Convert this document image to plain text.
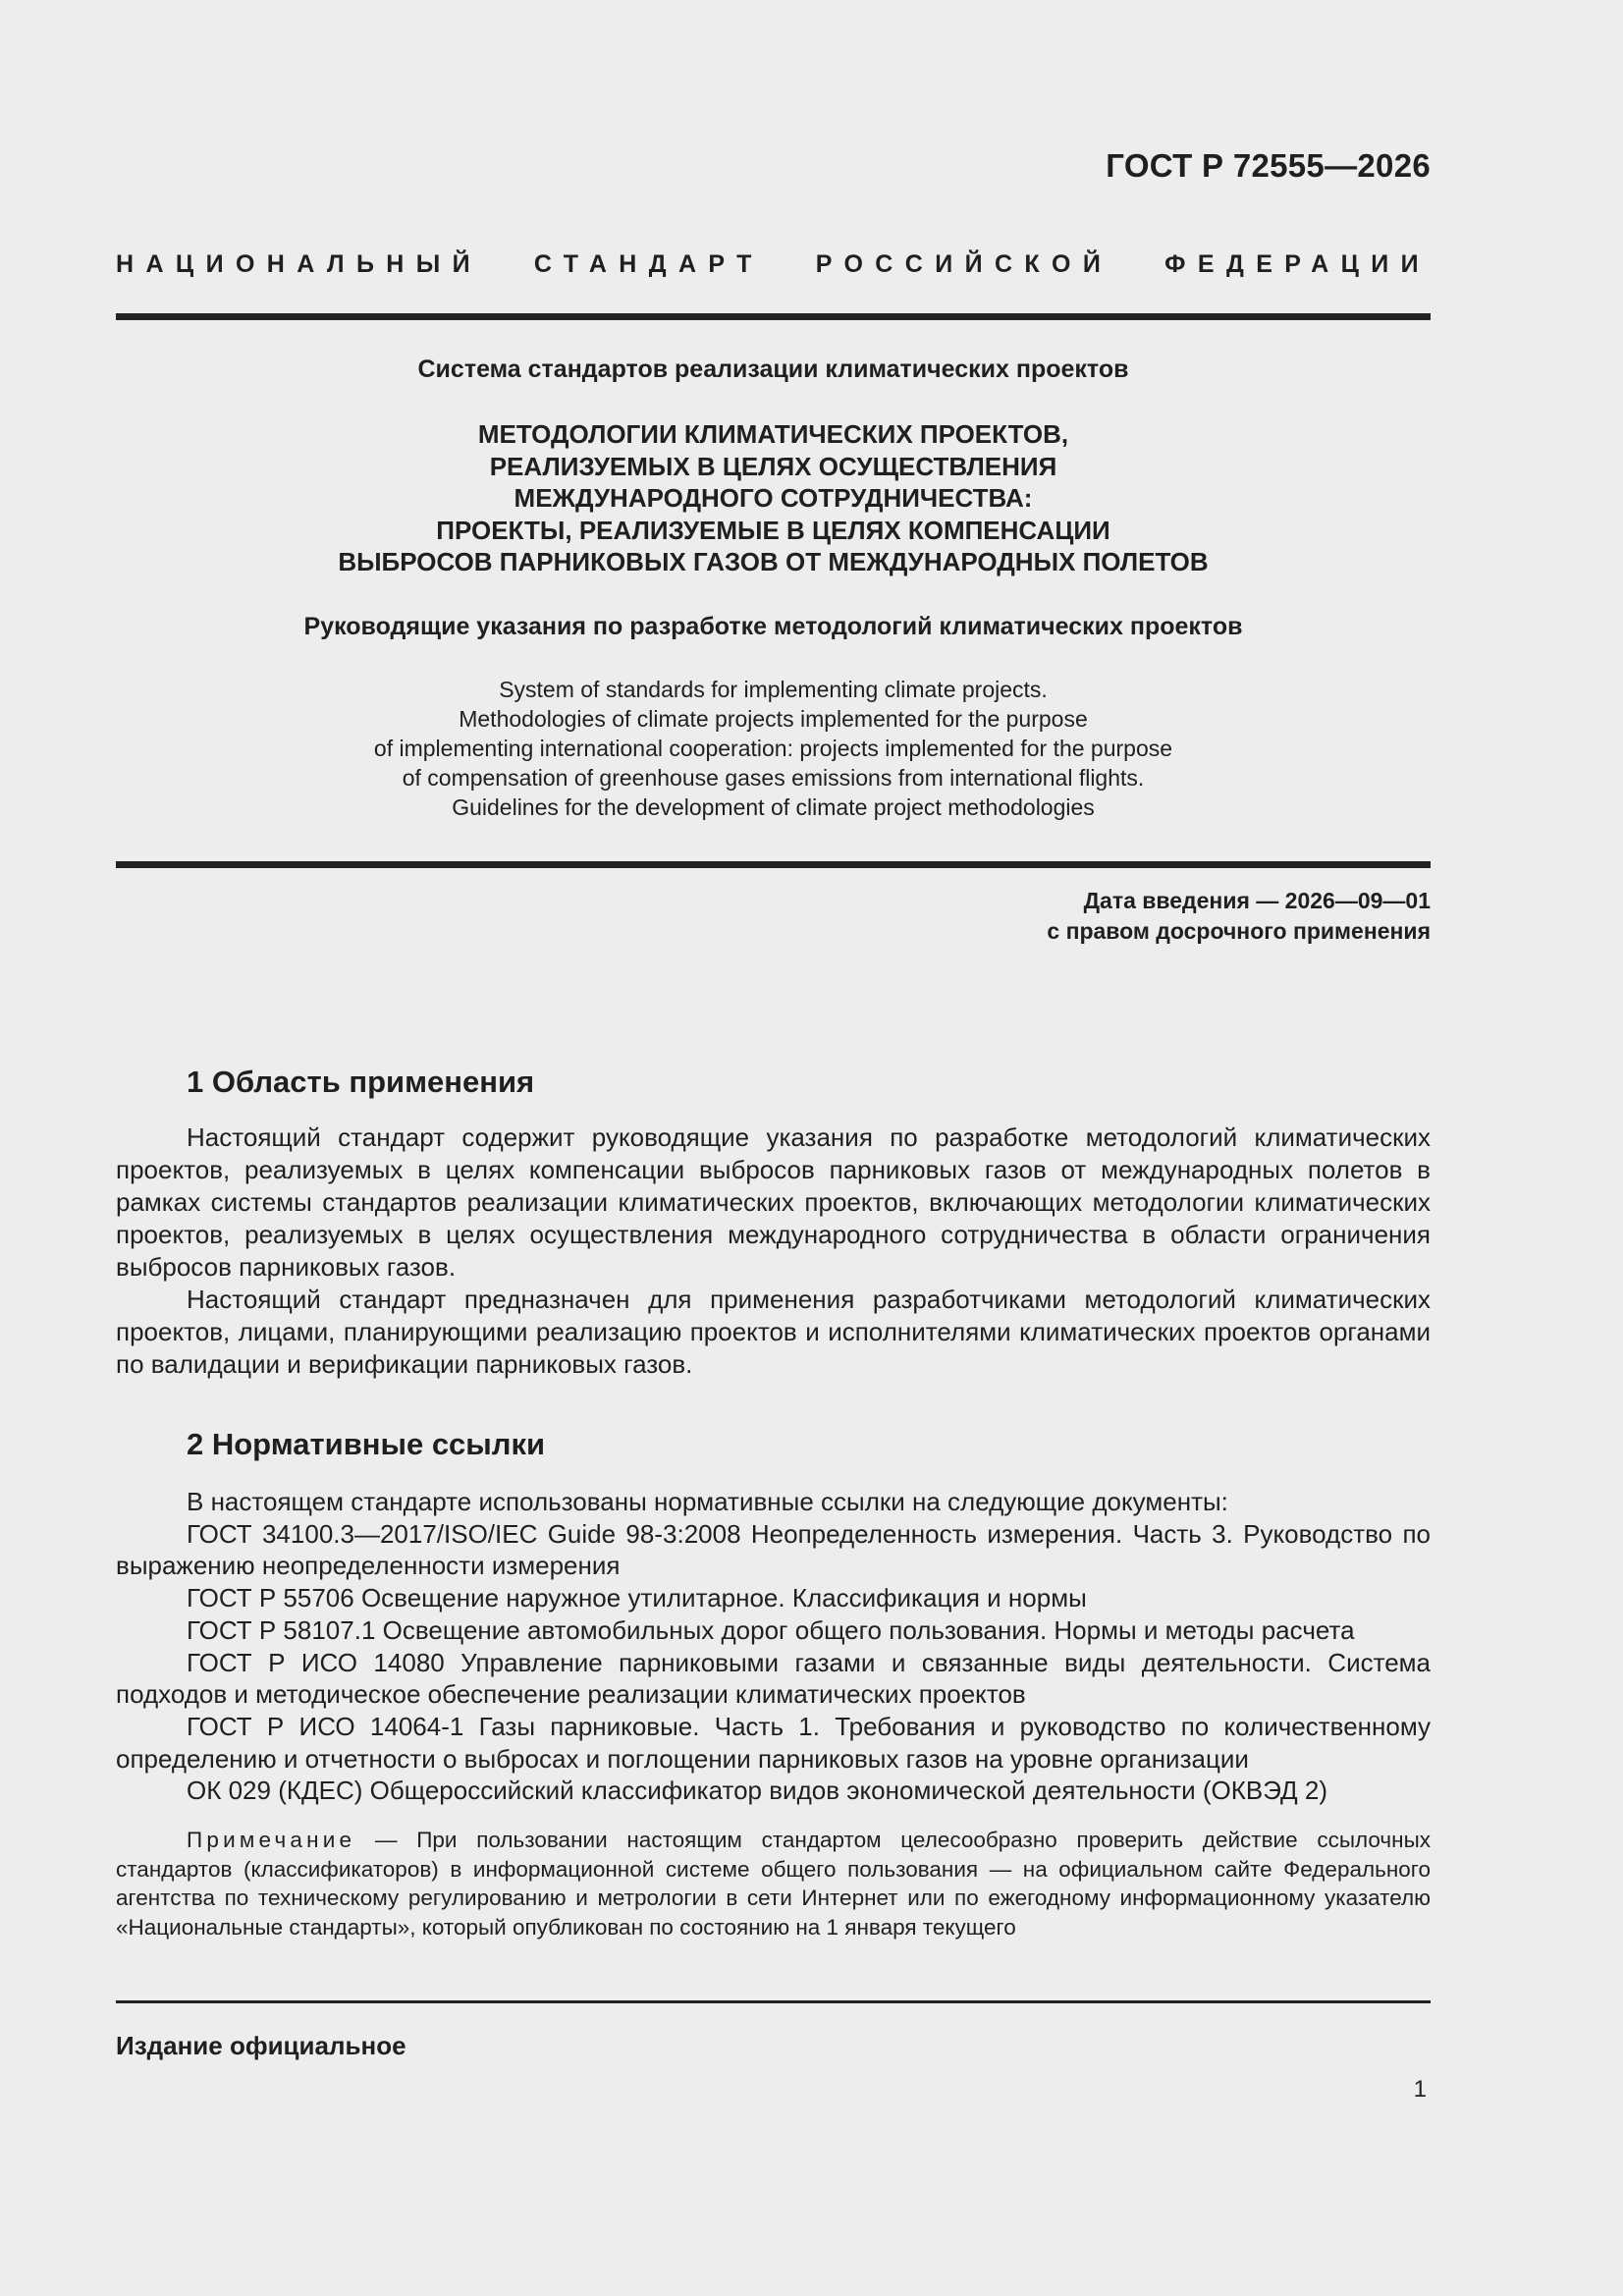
ГОСТ Р 72555—2026
НАЦИОНАЛЬНЫЙ СТАНДАРТ РОССИЙСКОЙ ФЕДЕРАЦИИ
Система стандартов реализации климатических проектов
МЕТОДОЛОГИИ КЛИМАТИЧЕСКИХ ПРОЕКТОВ,
РЕАЛИЗУЕМЫХ В ЦЕЛЯХ ОСУЩЕСТВЛЕНИЯ
МЕЖДУНАРОДНОГО СОТРУДНИЧЕСТВА:
ПРОЕКТЫ, РЕАЛИЗУЕМЫЕ В ЦЕЛЯХ КОМПЕНСАЦИИ
ВЫБРОСОВ ПАРНИКОВЫХ ГАЗОВ ОТ МЕЖДУНАРОДНЫХ ПОЛЕТОВ
Руководящие указания по разработке методологий климатических проектов
System of standards for implementing climate projects.
Methodologies of climate projects implemented for the purpose
of implementing international cooperation: projects implemented for the purpose
of compensation of greenhouse gases emissions from international flights.
Guidelines for the development of climate project methodologies
Дата введения — 2026—09—01
с правом досрочного применения
1 Область применения

Настоящий стандарт содержит руководящие указания по разработке методологий климатических проектов, реализуемых в целях компенсации выбросов парниковых газов от международных полетов в рамках системы стандартов реализации климатических проектов, включающих методологии климатических проектов, реализуемых в целях осуществления международного сотрудничества в области ограничения выбросов парниковых газов.

Настоящий стандарт предназначен для применения разработчиками методологий климатических проектов, лицами, планирующими реализацию проектов и исполнителями климатических проектов органами по валидации и верификации парниковых газов.

2 Нормативные ссылки

В настоящем стандарте использованы нормативные ссылки на следующие документы:

ГОСТ 34100.3—2017/ISO/IEC Guide 98-3:2008 Неопределенность измерения. Часть 3. Руководство по выражению неопределенности измерения

ГОСТ Р 55706 Освещение наружное утилитарное. Классификация и нормы

ГОСТ Р 58107.1 Освещение автомобильных дорог общего пользования. Нормы и методы расчета

ГОСТ Р ИСО 14080 Управление парниковыми газами и связанные виды деятельности. Система подходов и методическое обеспечение реализации климатических проектов

ГОСТ Р ИСО 14064-1 Газы парниковые. Часть 1. Требования и руководство по количественному определению и отчетности о выбросах и поглощении парниковых газов на уровне организации

ОК 029 (КДЕС) Общероссийский классификатор видов экономической деятельности (ОКВЭД 2)

Примечание — При пользовании настоящим стандартом целесообразно проверить действие ссылочных стандартов (классификаторов) в информационной системе общего пользования — на официальном сайте Федерального агентства по техническому регулированию и метрологии в сети Интернет или по ежегодному информационному указателю «Национальные стандарты», который опубликован по состоянию на 1 января текущего

Издание официальное
1
